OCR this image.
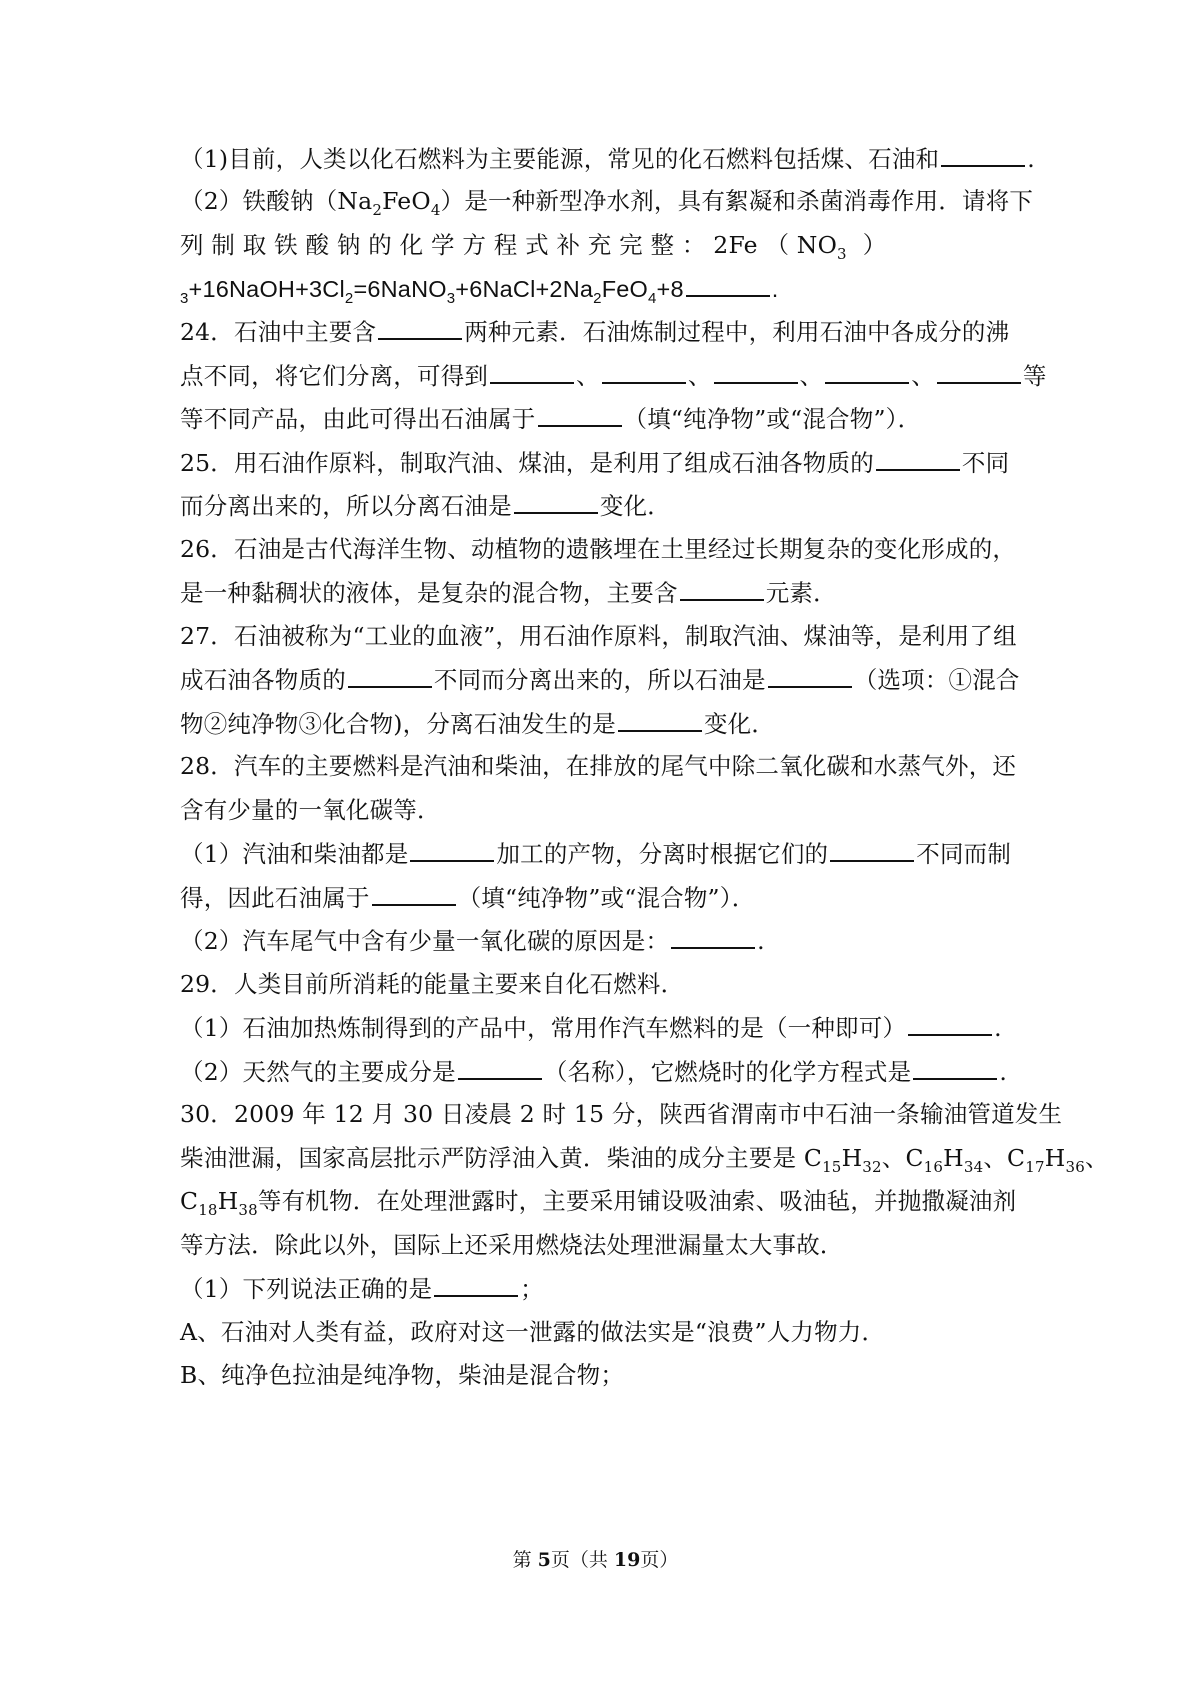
（1)目前，人类以化石燃料为主要能源，常见的化石燃料包括煤、石油和	.
（2）铁酸钠$(Na_2FeO_4)$是一种新型净水剂，具有絮凝和杀菌消毒作用．请将下
列 制 取 铁 酸 钠 的 化 学 方 程 式 补 充 完 整 ： 2Fe （ $NO_3$ ）
$_3+16NaOH+3Cl_2=6NaNO_3+6NaCl+2Na_2FeO_4+8$	.
24．石油中主要含	两种元素．石油炼制过程中，利用石油中各成分的沸
点不同，将它们分离，可得到	、	、	、	、	等
等不同产品，由此可得出石油属于	（填“纯净物”或“混合物”）．
25．用石油作原料，制取汽油、煤油，是利用了组成石油各物质的	不同
而分离出来的，所以分离石油是	变化．
26．石油是古代海洋生物、动植物的遗骸埋在土里经过长期复杂的变化形成的，
是一种黏稠状的液体，是复杂的混合物，主要含	元素．
27．石油被称为“工业的血液”，用石油作原料，制取汽油、煤油等，是利用了组
成石油各物质的	不同而分离出来的，所以石油是	（选项：①混合
物②纯净物③化合物)，分离石油发生的是	变化．
28．汽车的主要燃料是汽油和柴油，在排放的尾气中除二氧化碳和水蒸气外，还
含有少量的一氧化碳等．
（1）汽油和柴油都是	加工的产物，分离时根据它们的	不同而制
得，因此石油属于	（填“纯净物”或“混合物”）．
（2）汽车尾气中含有少量一氧化碳的原因是：	.
29．人类目前所消耗的能量主要来自化石燃料．
（1）石油加热炼制得到的产品中，常用作汽车燃料的是（一种即可）	.
（2）天然气的主要成分是	（名称），它燃烧时的化学方程式是	.
30．2009 年 12 月 30 日凌晨 2 时 15 分，陕西省渭南市中石油一条输油管道发生
柴油泄漏，国家高层批示严防浮油入黄．柴油的成分主要是 $C_{15}H_{32}$、$C_{16}H_{34}$、$C_{17}H_{36}$、
$C_{18}H_{38}$等有机物．在处理泄露时，主要采用铺设吸油索、吸油毡，并抛撒凝油剂
等方法．除此以外，国际上还采用燃烧法处理泄漏量太大事故．
（1）下列说法正确的是	；
A、石油对人类有益，政府对这一泄露的做法实是“浪费”人力物力．
B、纯净色拉油是纯净物，柴油是混合物；
第 5页（共 19页）
